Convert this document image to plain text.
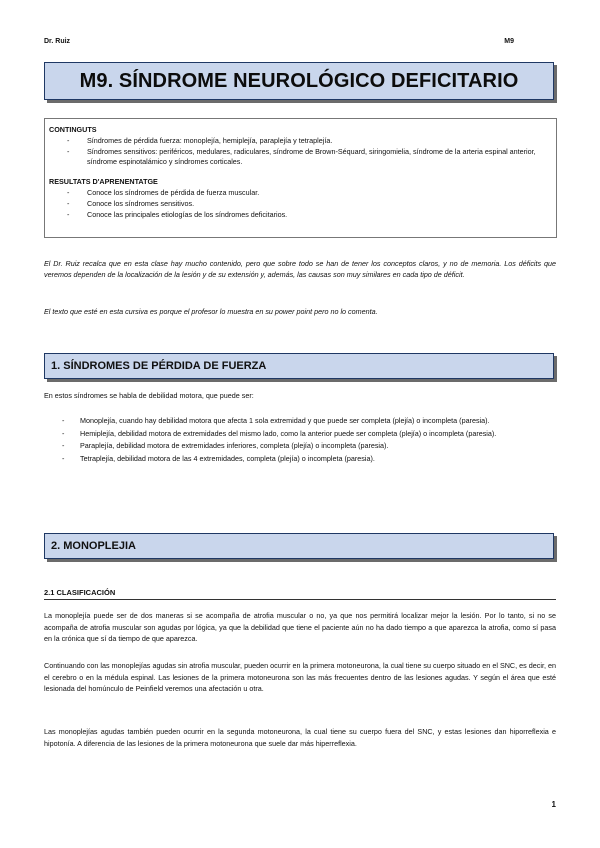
Dr. Ruiz	M9
M9. SÍNDROME NEUROLÓGICO DEFICITARIO
CONTINGUTS
- Síndromes de pérdida fuerza: monoplejía, hemiplejía, paraplejía y tetraplejía.
- Síndromes sensitivos: periféricos, medulares, radiculares, síndrome de Brown-Séquard, siringomielia, síndrome de la arteria espinal anterior, síndrome espinotalámico y síndromes corticales.
RESULTATS D'APRENENTATGE
- Conoce los síndromes de pérdida de fuerza muscular.
- Conoce los síndromes sensitivos.
- Conoce las principales etiologías de los síndromes deficitarios.
El Dr. Ruiz recalca que en esta clase hay mucho contenido, pero que sobre todo se han de tener los conceptos claros, y no de memoria. Los déficits que veremos dependen de la localización de la lesión y de su extensión y, además, las causas son muy similares en cada tipo de déficit.
El texto que esté en esta cursiva es porque el profesor lo muestra en su power point pero no lo comenta.
1. SÍNDROMES DE PÉRDIDA DE FUERZA
En estos síndromes se habla de debilidad motora, que puede ser:
- Monoplejía, cuando hay debilidad motora que afecta 1 sola extremidad y que puede ser completa (plejía) o incompleta (paresia).
- Hemiplejía, debilidad motora de extremidades del mismo lado, como la anterior puede ser completa (plejía) o incompleta (paresia).
- Paraplejía, debilidad motora de extremidades inferiores, completa (plejía) o incompleta (paresia).
- Tetraplejía, debilidad motora de las 4 extremidades, completa (plejía) o incompleta (paresia).
2. MONOPLEJIA
2.1 CLASIFICACIÓN
La monoplejía puede ser de dos maneras si se acompaña de atrofia muscular o no, ya que nos permitirá localizar mejor la lesión. Por lo tanto, si no se acompaña de atrofia muscular son agudas por lógica, ya que la debilidad que tiene el paciente aún no ha dado tiempo a que aparezca la atrofia, como sí pasa en la crónica que sí da tiempo de que aparezca.
Continuando con las monoplejías agudas sin atrofia muscular, pueden ocurrir en la primera motoneurona, la cual tiene su cuerpo situado en el SNC, es decir, en el cerebro o en la médula espinal. Las lesiones de la primera motoneurona son las más frecuentes dentro de las lesiones agudas. Y según el área que esté lesionada del homúnculo de Peinfield veremos una afectación u otra.
Las monoplejías agudas también pueden ocurrir en la segunda motoneurona, la cual tiene su cuerpo fuera del SNC, y estas lesiones dan hiporreflexia e hipotonía. A diferencia de las lesiones de la primera motoneurona que suele dar más hiperreflexia.
1
